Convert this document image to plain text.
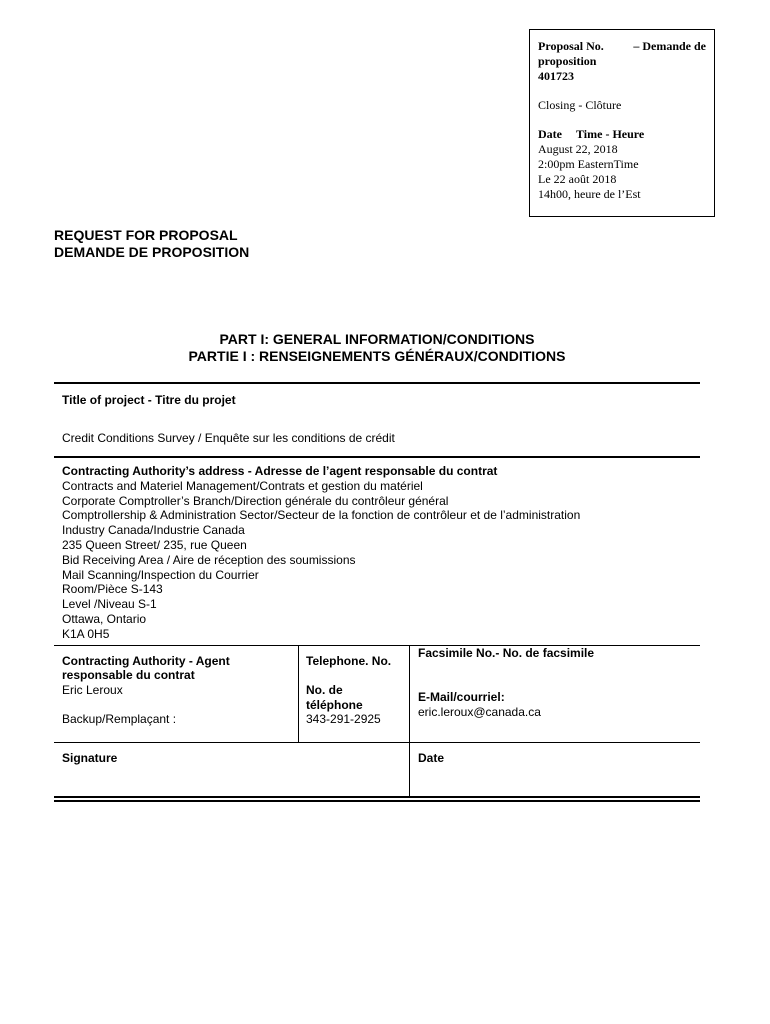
Proposal No. – Demande de
proposition
401723
Closing - Clôture
Date Time - Heure
August 22, 2018
2:00pm EasternTime
Le 22 août 2018
14h00, heure de l’Est
REQUEST FOR PROPOSAL
DEMANDE DE PROPOSITION
PART I: GENERAL INFORMATION/CONDITIONS
PARTIE I : RENSEIGNEMENTS GÉNÉRAUX/CONDITIONS
Title of project - Titre du projet
Credit Conditions Survey / Enquête sur les conditions de crédit
Contracting Authority’s address - Adresse de l’agent responsable du contrat
Contracts and Materiel Management/Contrats et gestion du matériel
Corporate Comptroller’s Branch/Direction générale du contrôleur général
Comptrollership & Administration Sector/Secteur de la fonction de contrôleur et de l’administration
Industry Canada/Industrie Canada
235 Queen Street/ 235, rue Queen
Bid Receiving Area / Aire de réception des soumissions
Mail Scanning/Inspection du Courrier
Room/Pièce S-143
Level /Niveau S-1
Ottawa, Ontario
K1A 0H5
Contracting Authority - Agent
responsable du contrat
Eric Leroux
Backup/Remplaçant :
Telephone. No.
No. de
téléphone
343-291-2925
Facsimile No.- No. de facsimile
E-Mail/courriel:
eric.leroux@canada.ca
Signature	Date
